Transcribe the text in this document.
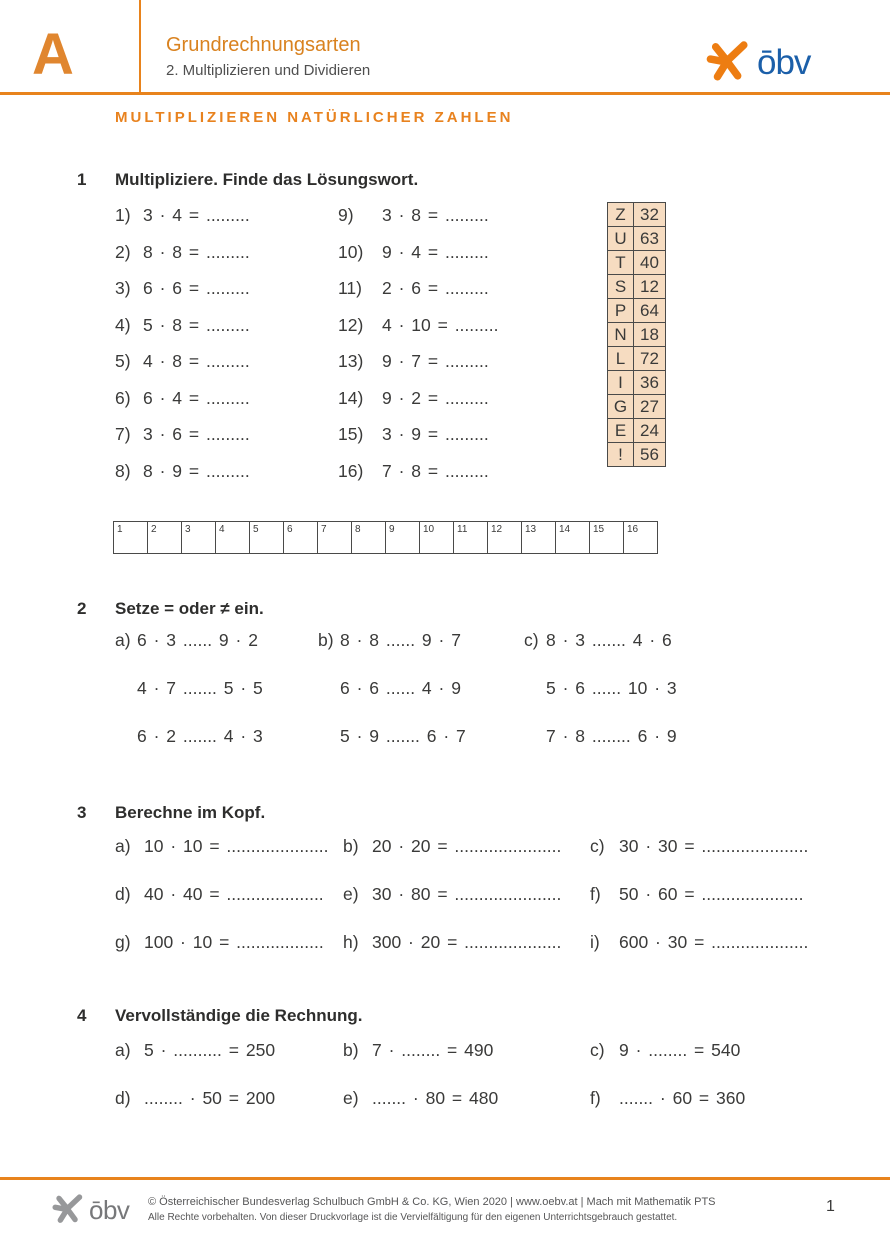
A	Grundrechnungsarten
2. Multiplizieren und Dividieren	ōbv
MULTIPLIZIEREN NATÜRLICHER ZAHLEN
1 Multipliziere. Finde das Lösungswort.
1) 3 · 4 = .........
2) 8 · 8 = .........
3) 6 · 6 = .........
4) 5 · 8 = .........
5) 4 · 8 = .........
6) 6 · 4 = .........
7) 3 · 6 = .........
8) 8 · 9 = .........
9)	3 · 8 = .........
10)	9 · 4 = .........
11)	2 · 6 = .........
12)	4 · 10 = .........
13)	9 · 7 = .........
14)	9 · 2 = .........
15)	3 · 9 = .........
16)	7 · 8 = .........
Z	32
U	63
T	40
S	12
P	64
N	18
L	72
I	36
G	27
E	24
!	56
1	2	3	4	5	6	7	8	9	10	11	12	13	14	15	16
2 Setze = oder ≠ ein.
a) 6 · 3 ...... 9 · 2
4 · 7 ....... 5 · 5
6 · 2 ....... 4 · 3
b) 8 · 8 ...... 9 · 7
6 · 6 ...... 4 · 9
5 · 9 ....... 6 · 7
c) 8 · 3 ....... 4 · 6
5 · 6 ...... 10 · 3
7 · 8 ........ 6 · 9
3 Berechne im Kopf.
a) 10 · 10 = ..................... b) 20 · 20 = ...................... c) 30 · 30 = ......................
d) 40 · 40 = .................... e) 30 · 80 = ...................... f)	50 · 60 = .....................
g) 100 · 10 = .................. h) 300 · 20 = .................... i)	600 · 30 = ....................
4 Vervollständige die Rechnung.
a) 5 · .......... = 250	b) 7 · ........ = 490	c) 9 · ........ = 540
d) ........ · 50 = 200	e) ....... · 80 = 480	f)	....... · 60 = 360
ōbv © Österreichischer Bundesverlag Schulbuch GmbH & Co. KG, Wien 2020 | www.oebv.at | Mach mit Mathematik PTS
Alle Rechte vorbehalten. Von dieser Druckvorlage ist die Vervielfältigung für den eigenen Unterrichtsgebrauch gestattet.
1
